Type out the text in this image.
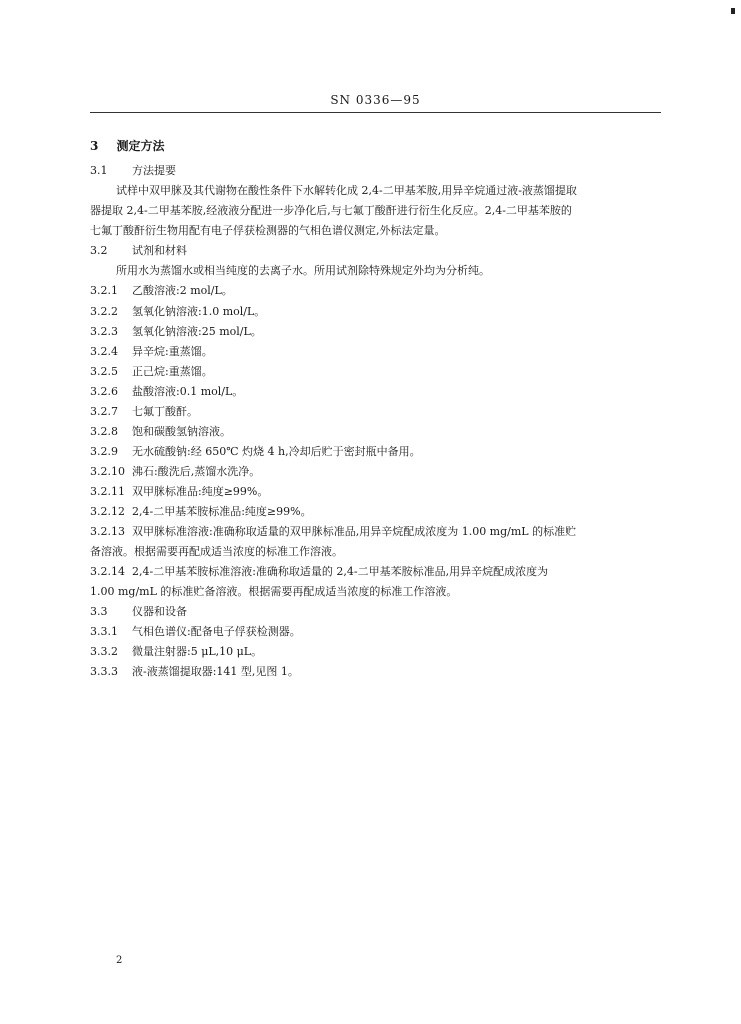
SN 0336—95
3 测定方法
3.1 方法提要
试样中双甲脒及其代谢物在酸性条件下水解转化成 2,4-二甲基苯胺,用异辛烷通过液-液蒸馏提取
器提取 2,4-二甲基苯胺,经液液分配进一步净化后,与七氟丁酸酐进行衍生化反应。2,4-二甲基苯胺的
七氟丁酸酐衍生物用配有电子俘获检测器的气相色谱仪测定,外标法定量。
3.2 试剂和材料
所用水为蒸馏水或相当纯度的去离子水。所用试剂除特殊规定外均为分析纯。
3.2.1 乙酸溶液:2 mol/L。
3.2.2 氢氧化钠溶液:1.0 mol/L。
3.2.3 氢氧化钠溶液:25 mol/L。
3.2.4 异辛烷:重蒸馏。
3.2.5 正己烷:重蒸馏。
3.2.6 盐酸溶液:0.1 mol/L。
3.2.7 七氟丁酸酐。
3.2.8 饱和碳酸氢钠溶液。
3.2.9 无水硫酸钠:经 650℃ 灼烧 4 h,冷却后贮于密封瓶中备用。
3.2.10 沸石:酸洗后,蒸馏水洗净。
3.2.11 双甲脒标准品:纯度≥99%。
3.2.12 2,4-二甲基苯胺标准品:纯度≥99%。
3.2.13 双甲脒标准溶液:准确称取适量的双甲脒标准品,用异辛烷配成浓度为 1.00 mg/mL 的标准贮
备溶液。根据需要再配成适当浓度的标准工作溶液。
3.2.14 2,4-二甲基苯胺标准溶液:准确称取适量的 2,4-二甲基苯胺标准品,用异辛烷配成浓度为
1.00 mg/mL 的标准贮备溶液。根据需要再配成适当浓度的标准工作溶液。
3.3 仪器和设备
3.3.1 气相色谱仪:配备电子俘获检测器。
3.3.2 微量注射器:5 μL,10 μL。
3.3.3 液-液蒸馏提取器:141 型,见图 1。
2
